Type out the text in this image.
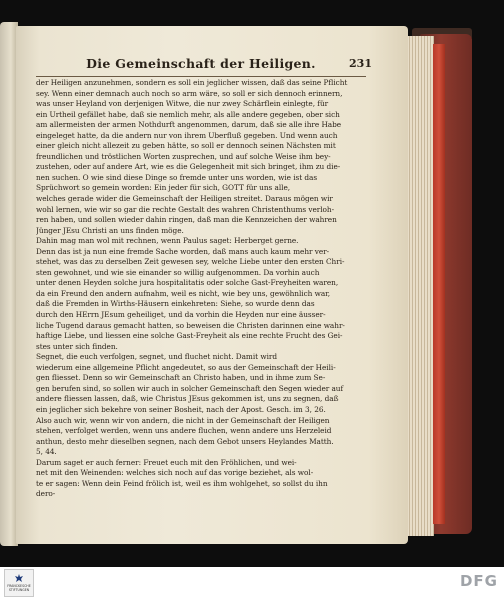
Die Gemeinschaft der Heiligen.	231
der Heiligen anzunehmen, sondern es soll ein jeglicher wissen, daß das seine Pflicht
sey. Wenn einer demnach auch noch so arm wäre, so soll er sich dennoch erinnern,
was unser Heyland von derjenigen Witwe, die nur zwey Schärflein einlegte, für
ein Urtheil gefället habe, daß sie nemlich mehr, als alle andere gegeben, ober sich
am allermeisten der armen Nothdurft angenommen, darum, daß sie alle ihre Habe
eingeleget hatte, da die andern nur von ihrem Uberfluß gegeben. Und wenn auch
einer gleich nicht allezeit zu geben hätte, so soll er dennoch seinen Nächsten mit
freundlichen und tröstlichen Worten zusprechen, und auf solche Weise ihm bey-
zustehen, oder auf andere Art, wie es die Gelegenheit mit sich bringet, ihm zu die-
nen suchen. O wie sind diese Dinge so fremde unter uns worden, wie ist das
Sprüchwort so gemein worden: Ein jeder für sich, GOTT für uns alle,
welches gerade wider die Gemeinschaft der Heiligen streitet. Daraus mögen wir
wohl lernen, wie wir so gar die rechte Gestalt des wahren Christenthums verloh-
ren haben, und sollen wieder dahin ringen, daß man die Kennzeichen der wahren
Jünger JEsu Christi an uns finden möge.
Dahin mag man wol mit rechnen, wenn Paulus saget: Herberget gerne.
Denn das ist ja nun eine fremde Sache worden, daß mans auch kaum mehr ver-
stehet, was das zu derselben Zeit gewesen sey, welche Liebe unter den ersten Chri-
sten gewohnet, und wie sie einander so willig aufgenommen. Da vorhin auch
unter denen Heyden solche jura hospitalitatis oder solche Gast-Freyheiten waren,
da ein Freund den andern aufnahm, weil es nicht, wie bey uns, gewöhnlich war,
daß die Fremden in Wirths-Häusern einkehreten: Siehe, so wurde denn das
durch den HErrn JEsum geheiliget, und da vorhin die Heyden nur eine äusser-
liche Tugend daraus gemacht hatten, so beweisen die Christen darinnen eine wahr-
haftige Liebe, und liessen eine solche Gast-Freyheit als eine rechte Frucht des Gei-
stes unter sich finden.
Segnet, die euch verfolgen, segnet, und fluchet nicht. Damit wird
wiederum eine allgemeine Pflicht angedeutet, so aus der Gemeinschaft der Heili-
gen fliesset. Denn so wir Gemeinschaft an Christo haben, und in ihme zum Se-
gen berufen sind, so sollen wir auch in solcher Gemeinschaft den Segen wieder auf
andere fliessen lassen, daß, wie Christus JEsus gekommen ist, uns zu segnen, daß
ein jeglicher sich bekehre von seiner Bosheit, nach der Apost. Gesch. im 3, 26.
Also auch wir, wenn wir von andern, die nicht in der Gemeinschaft der Heiligen
stehen, verfolget werden, wenn uns andere fluchen, wenn andere uns Herzeleid
anthun, desto mehr dieselben segnen, nach dem Gebot unsers Heylandes Matth.
5, 44.
Darum saget er auch ferner: Freuet euch mit den Fröhlichen, und wei-
net mit den Weinenden: welches sich noch auf das vorige beziehet, als wol-
te er sagen: Wenn dein Feind frölich ist, weil es ihm wohlgehet, so sollst du ihn
dero-
FRANCKESCHE STIFTUNGEN	DFG
